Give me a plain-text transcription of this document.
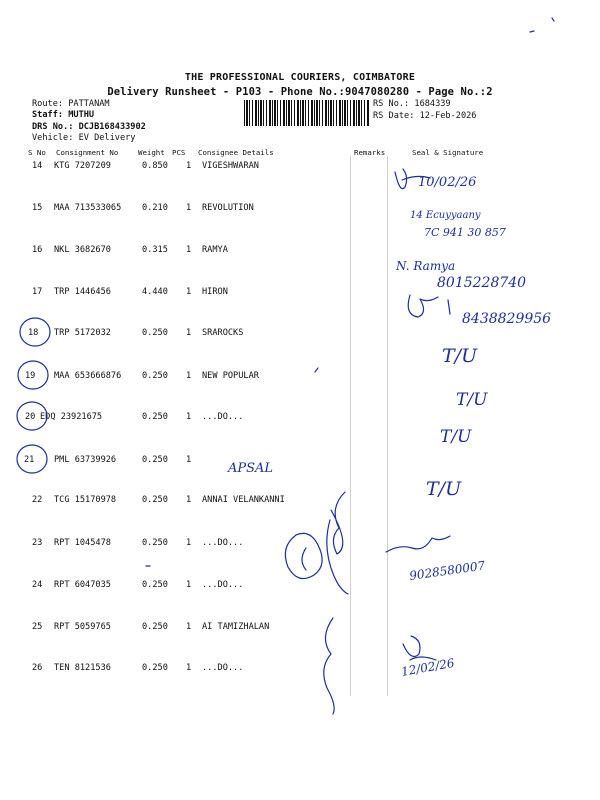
THE PROFESSIONAL COURIERS, COIMBATORE
Delivery Runsheet - P103 - Phone No.:9047080280 - Page No.:2
Route: PATTANAM
Staff: MUTHU
DRS No.: DCJB168433902
Vehicle: EV Delivery
RS No.: 1684339
RS Date: 12-Feb-2026
S No Consignment No	Weight PCS Consignee Details	Remarks	Seal & Signature
14 KTG 7207209	0.850 1 VIGESHWARAN
15 MAA 713533065 0.210 1 REVOLUTION
16 NKL 3682670	0.315 1 RAMYA
17 TRP 1446456	4.440 1 HIRON
18 TRP 5172032	0.250 1 SRAROCKS
19 MAA 653666876 0.250 1 NEW POPULAR
20 EDQ 23921675	0.250 1 ...DO...
21 PML 63739926	0.250 1
22 TCG 15170978	0.250 1 ANNAI VELANKANNI
23 RPT 1045478	0.250 1 ...DO...
24 RPT 6047035	0.250 1 ...DO...
25 RPT 5059765	0.250 1 AI TAMIZHALAN
26 TEN 8121536	0.250 1 ...DO...
10/02/26
14 Ecuyyaany
7C 941 30 857
N. Ramya
8015228740
8438829956
T/U
T/U
T/U
APSAL
T/U
9028580007
12/02/26
